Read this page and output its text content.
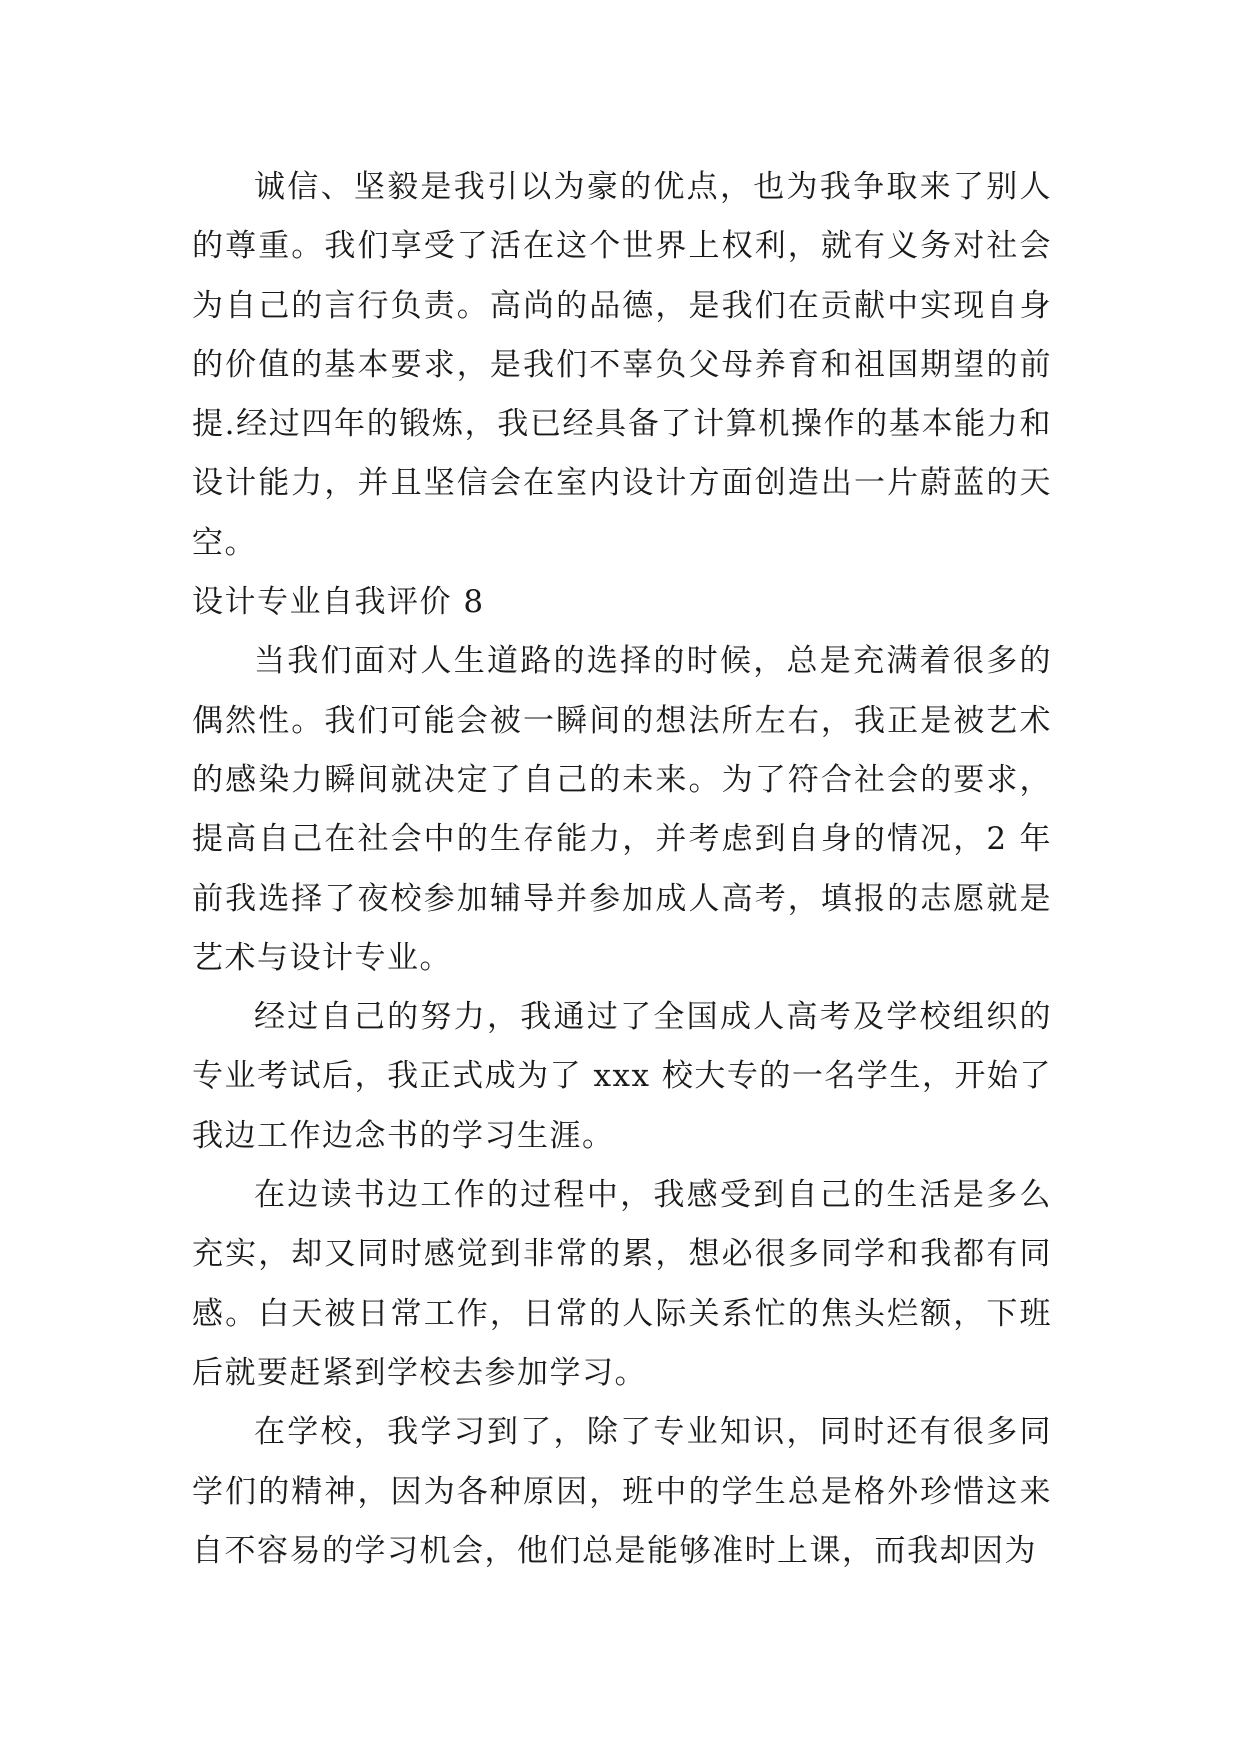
诚信、坚毅是我引以为豪的优点，也为我争取来了别人的尊重。我们享受了活在这个世界上权利，就有义务对社会为自己的言行负责。高尚的品德，是我们在贡献中实现自身的价值的基本要求，是我们不辜负父母养育和祖国期望的前提.经过四年的锻炼，我已经具备了计算机操作的基本能力和设计能力，并且坚信会在室内设计方面创造出一片蔚蓝的天空。

设计专业自我评价 8

当我们面对人生道路的选择的时候，总是充满着很多的偶然性。我们可能会被一瞬间的想法所左右，我正是被艺术的感染力瞬间就决定了自己的未来。为了符合社会的要求，提高自己在社会中的生存能力，并考虑到自身的情况，2 年前我选择了夜校参加辅导并参加成人高考，填报的志愿就是艺术与设计专业。

经过自己的努力，我通过了全国成人高考及学校组织的专业考试后，我正式成为了 xxx 校大专的一名学生，开始了我边工作边念书的学习生涯。

在边读书边工作的过程中，我感受到自己的生活是多么充实，却又同时感觉到非常的累，想必很多同学和我都有同感。白天被日常工作，日常的人际关系忙的焦头烂额，下班后就要赶紧到学校去参加学习。

在学校，我学习到了，除了专业知识，同时还有很多同学们的精神，因为各种原因，班中的学生总是格外珍惜这来自不容易的学习机会，他们总是能够准时上课，而我却因为
